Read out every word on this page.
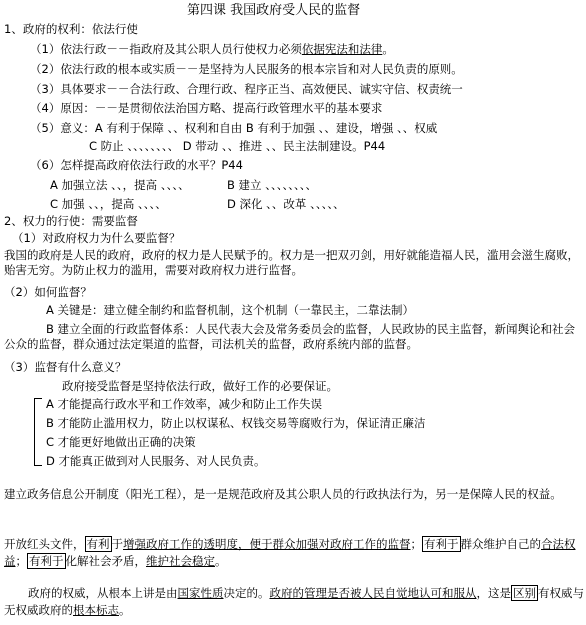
第四课 我国政府受人民的监督
1、政府的权利：依法行使
（1）依法行政－－指政府及其公职人员行使权力必须依据宪法和法律。
（2）依法行政的根本或实质－－是坚持为人民服务的根本宗旨和对人民负责的原则。
（3）具体要求－－合法行政、合理行政、程序正当、高效便民、诚实守信、权责统一
（4）原因：－－是贯彻依法治国方略、提高行政管理水平的基本要求
（5）意义：A 有利于保障 、、权利和自由 B 有利于加强 、、建设，增强 、、权威
C 防止 、、、、、、、、 D 带动 、、推进 、、民主法制建设。P44
（6）怎样提高政府依法行政的水平？P44
A 加强立法 、、，提高 、、、、	B 建立 、、、、、、、、
C 加强 、、，提高 、、、、	D 深化 、、改革 、、、、、
2、权力的行使：需要监督
（1）对政府权力为什么要监督？
我国的政府是人民的政府，政府的权力是人民赋予的。权力是一把双刃剑，用好就能造福人民，滥用会滋生腐败，贻害无穷。为防止权力的滥用，需要对政府权力进行监督。
（2）如何监督？
A 关键是：建立健全制约和监督机制，这个机制（一靠民主，二靠法制）
B 建立全面的行政监督体系：人民代表大会及常务委员会的监督，人民政协的民主监督，新闻舆论和社会公众的监督，群众通过法定渠道的监督，司法机关的监督，政府系统内部的监督。
（3）监督有什么意义？
政府接受监督是坚持依法行政，做好工作的必要保证。
A 才能提高行政水平和工作效率，减少和防止工作失误
B 才能防止滥用权力，防止以权谋私、权钱交易等腐败行为，保证清正廉洁
C 才能更好地做出正确的决策
D 才能真正做到对人民服务、对人民负责。
建立政务信息公开制度（阳光工程），是一是规范政府及其公职人员的行政执法行为，另一是保障人民的权益。
开放红头文件， 有利 于增强政府工作的透明度，便于群众加强对政府工作的监督； 有利于 群众维护自己的合法权益； 有利于 化解社会矛盾，维护社会稳定。
政府的权威，从根本上讲是由国家性质决定的。政府的管理是否被人民自觉地认可和服从，这是 区别 有权威与无权威政府的根本标志。
